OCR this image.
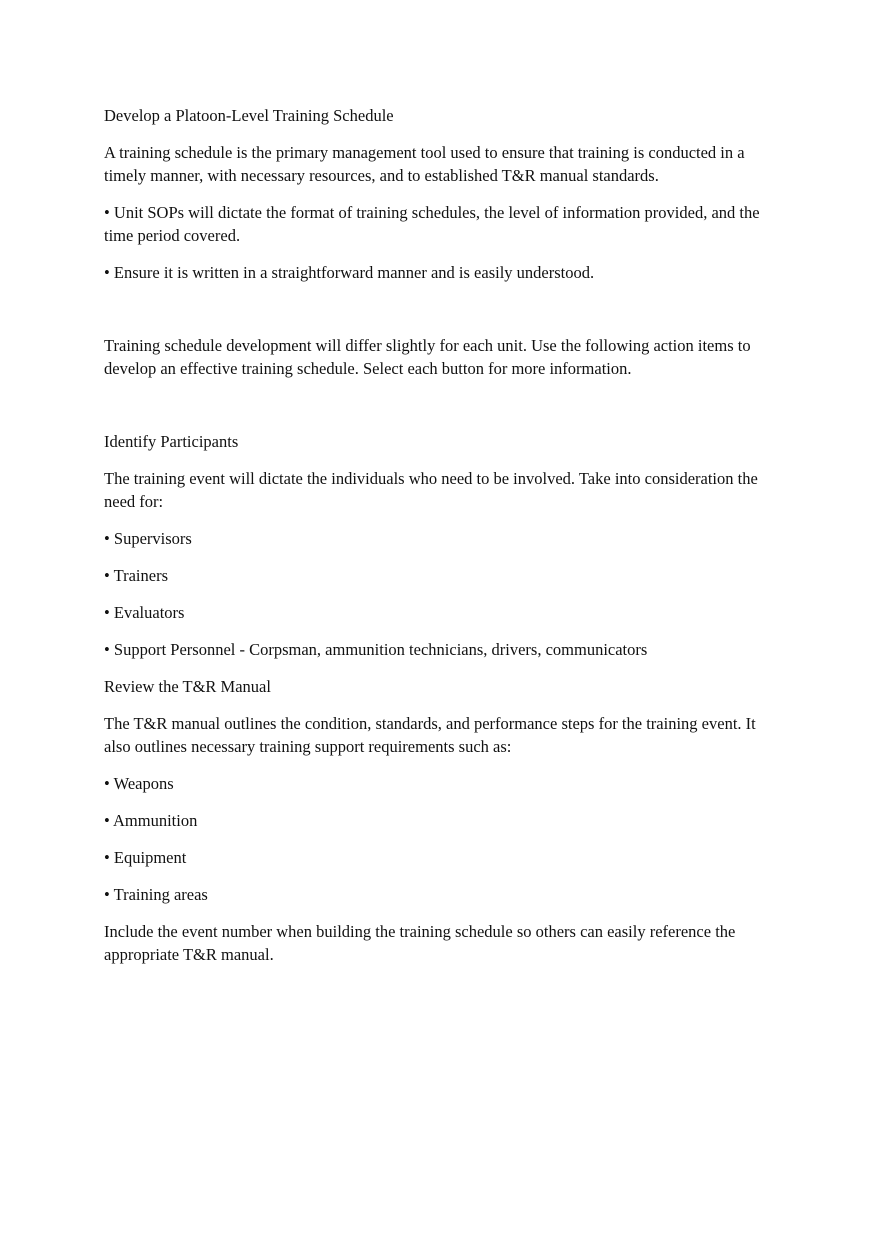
Develop a Platoon-Level Training Schedule

A training schedule is the primary management tool used to ensure that training is conducted in a timely manner, with necessary resources, and to established T&R manual standards.

• Unit SOPs will dictate the format of training schedules, the level of information provided, and the time period covered.

• Ensure it is written in a straightforward manner and is easily understood.

Training schedule development will differ slightly for each unit. Use the following action items to develop an effective training schedule. Select each button for more information.

Identify Participants

The training event will dictate the individuals who need to be involved. Take into consideration the need for:

• Supervisors

• Trainers

• Evaluators

• Support Personnel - Corpsman, ammunition technicians, drivers, communicators

Review the T&R Manual

The T&R manual outlines the condition, standards, and performance steps for the training event. It also outlines necessary training support requirements such as:

• Weapons

• Ammunition

• Equipment

• Training areas

Include the event number when building the training schedule so others can easily reference the appropriate T&R manual.
